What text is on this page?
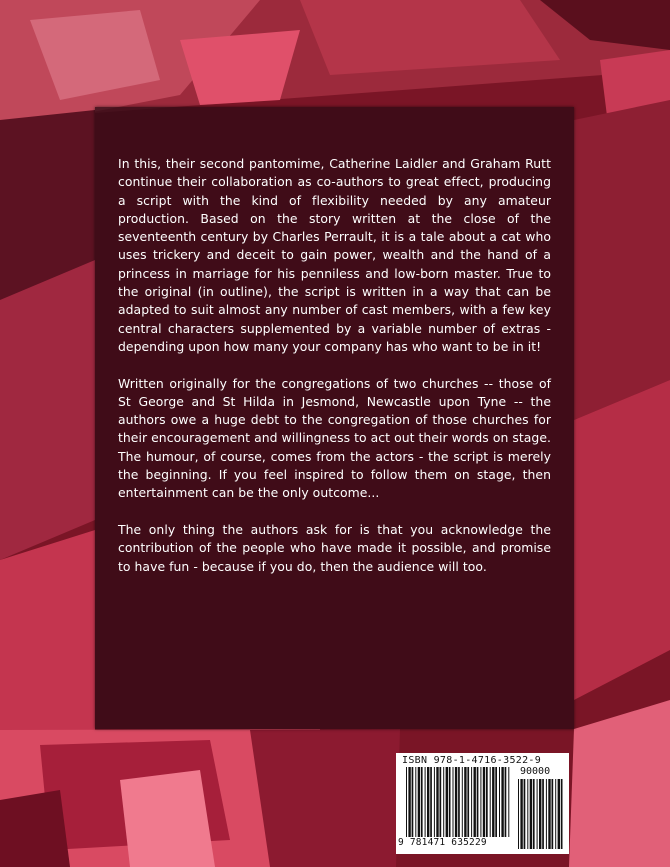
In this, their second pantomime, Catherine Laidler and Graham Rutt continue their collaboration as co-authors to great effect, producing a script with the kind of flexibility needed by any amateur production. Based on the story written at the close of the seventeenth century by Charles Perrault, it is a tale about a cat who uses trickery and deceit to gain power, wealth and the hand of a princess in marriage for his penniless and low-born master. True to the original (in outline), the script is written in a way that can be adapted to suit almost any number of cast members, with a few key central characters supplemented by a variable number of extras - depending upon how many your company has who want to be in it!

Written originally for the congregations of two churches -- those of St George and St Hilda in Jesmond, Newcastle upon Tyne -- the authors owe a huge debt to the congregation of those churches for their encouragement and willingness to act out their words on stage. The humour, of course, comes from the actors - the script is merely the beginning. If you feel inspired to follow them on stage, then entertainment can be the only outcome...

The only thing the authors ask for is that you acknowledge the contribution of the people who have made it possible, and promise to have fun - because if you do, then the audience will too.

ISBN 978-1-4716-3522-9
90000
9 781471 635229
